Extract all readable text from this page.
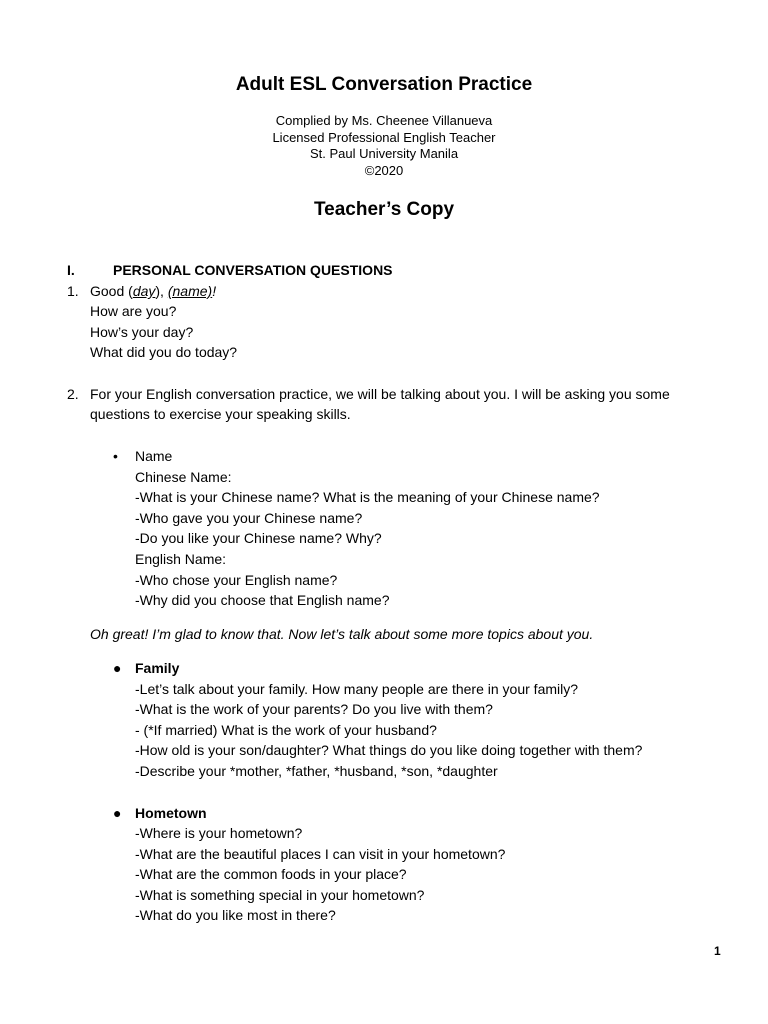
Adult ESL Conversation Practice
Complied by Ms. Cheenee Villanueva
Licensed Professional English Teacher
St. Paul University Manila
©2020
Teacher’s Copy
I.	PERSONAL CONVERSATION QUESTIONS
1. Good (day), (name)!
How are you?
How’s your day?
What did you do today?
2. For your English conversation practice, we will be talking about you. I will be asking you some
questions to exercise your speaking skills.
• Name
Chinese Name:
-What is your Chinese name? What is the meaning of your Chinese name?
-Who gave you your Chinese name?
-Do you like your Chinese name? Why?
English Name:
-Who chose your English name?
-Why did you choose that English name?
Oh great! I’m glad to know that. Now let’s talk about some more topics about you.
● Family
-Let’s talk about your family. How many people are there in your family?
-What is the work of your parents? Do you live with them?
- (*If married) What is the work of your husband?
-How old is your son/daughter? What things do you like doing together with them?
-Describe your *mother, *father, *husband, *son, *daughter
● Hometown
-Where is your hometown?
-What are the beautiful places I can visit in your hometown?
-What are the common foods in your place?
-What is something special in your hometown?
-What do you like most in there?
1
